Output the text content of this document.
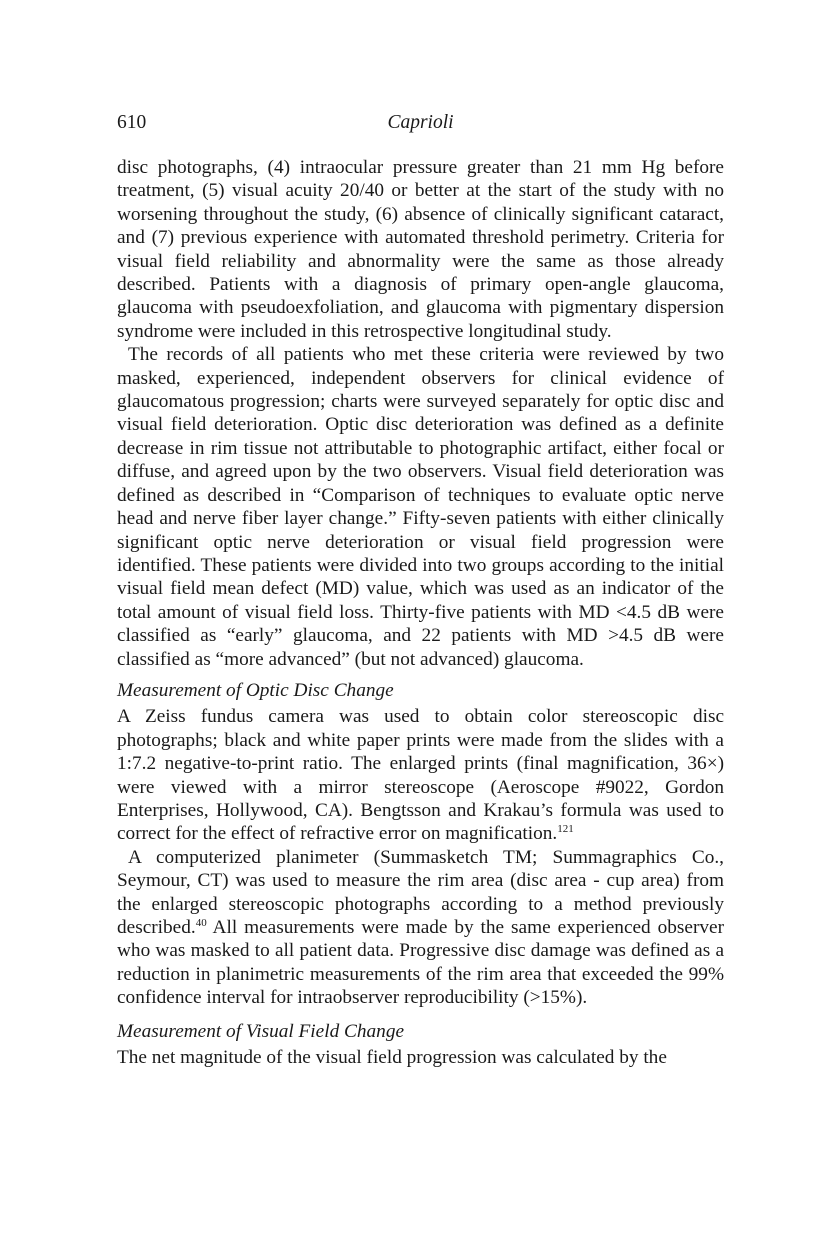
610	Caprioli

disc photographs, (4) intraocular pressure greater than 21 mm Hg before treatment, (5) visual acuity 20/40 or better at the start of the study with no worsening throughout the study, (6) absence of clinically significant cataract, and (7) previous experience with automated threshold perimetry. Criteria for visual field reliability and abnormality were the same as those already described. Patients with a diagnosis of primary open-angle glaucoma, glaucoma with pseudoexfoliation, and glaucoma with pigmentary dispersion syndrome were included in this retrospective longitudinal study.

The records of all patients who met these criteria were reviewed by two masked, experienced, independent observers for clinical evidence of glaucomatous progression; charts were surveyed separately for optic disc and visual field deterioration. Optic disc deterioration was defined as a definite decrease in rim tissue not attributable to photographic artifact, either focal or diffuse, and agreed upon by the two observers. Visual field deterioration was defined as described in “Comparison of techniques to evaluate optic nerve head and nerve fiber layer change.” Fifty-seven patients with either clinically significant optic nerve deterioration or visual field progression were identified. These patients were divided into two groups according to the initial visual field mean defect (MD) value, which was used as an indicator of the total amount of visual field loss. Thirty-five patients with MD <4.5 dB were classified as “early” glaucoma, and 22 patients with MD >4.5 dB were classified as “more advanced” (but not advanced) glaucoma.

Measurement of Optic Disc Change

A Zeiss fundus camera was used to obtain color stereoscopic disc photographs; black and white paper prints were made from the slides with a 1:7.2 negative-to-print ratio. The enlarged prints (final magnification, 36×) were viewed with a mirror stereoscope (Aeroscope #9022, Gordon Enterprises, Hollywood, CA). Bengtsson and Krakau’s formula was used to correct for the effect of refractive error on magnification.$^{121}$

A computerized planimeter (Summasketch TM; Summagraphics Co., Seymour, CT) was used to measure the rim area (disc area - cup area) from the enlarged stereoscopic photographs according to a method previously described.$^{40}$ All measurements were made by the same experienced observer who was masked to all patient data. Progressive disc damage was defined as a reduction in planimetric measurements of the rim area that exceeded the 99% confidence interval for intraobserver reproducibility (>15%).

Measurement of Visual Field Change

The net magnitude of the visual field progression was calculated by the
